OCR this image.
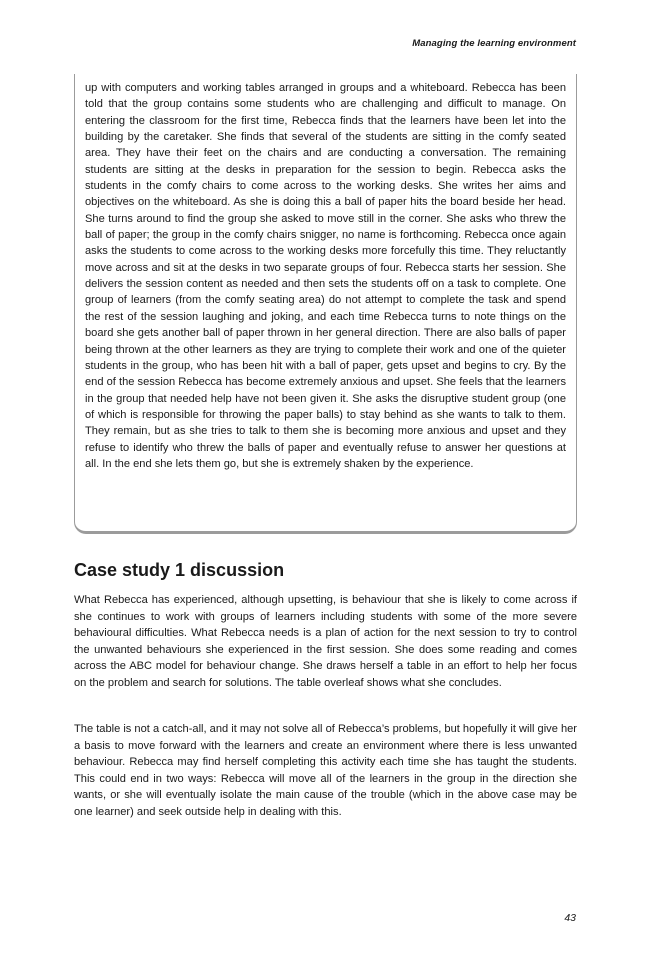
Managing the learning environment

up with computers and working tables arranged in groups and a whiteboard. Rebecca has been told that the group contains some students who are challenging and difficult to manage. On entering the classroom for the first time, Rebecca finds that the learners have been let into the building by the caretaker. She finds that several of the students are sitting in the comfy seated area. They have their feet on the chairs and are conducting a conversation. The remaining students are sitting at the desks in preparation for the session to begin. Rebecca asks the students in the comfy chairs to come across to the working desks. She writes her aims and objectives on the whiteboard. As she is doing this a ball of paper hits the board beside her head. She turns around to find the group she asked to move still in the corner. She asks who threw the ball of paper; the group in the comfy chairs snigger, no name is forthcoming. Rebecca once again asks the students to come across to the working desks more forcefully this time. They reluctantly move across and sit at the desks in two separate groups of four. Rebecca starts her session. She delivers the session content as needed and then sets the students off on a task to complete. One group of learners (from the comfy seating area) do not attempt to complete the task and spend the rest of the session laughing and joking, and each time Rebecca turns to note things on the board she gets another ball of paper thrown in her general direction. There are also balls of paper being thrown at the other learners as they are trying to complete their work and one of the quieter students in the group, who has been hit with a ball of paper, gets upset and begins to cry. By the end of the session Rebecca has become extremely anxious and upset. She feels that the learners in the group that needed help have not been given it. She asks the disruptive student group (one of which is responsible for throwing the paper balls) to stay behind as she wants to talk to them. They remain, but as she tries to talk to them she is becoming more anxious and upset and they refuse to identify who threw the balls of paper and eventually refuse to answer her questions at all. In the end she lets them go, but she is extremely shaken by the experience.

Case study 1 discussion

What Rebecca has experienced, although upsetting, is behaviour that she is likely to come across if she continues to work with groups of learners including students with some of the more severe behavioural difficulties. What Rebecca needs is a plan of action for the next session to try to control the unwanted behaviours she experienced in the first session. She does some reading and comes across the ABC model for behaviour change. She draws herself a table in an effort to help her focus on the problem and search for solutions. The table overleaf shows what she concludes.

The table is not a catch-all, and it may not solve all of Rebecca’s problems, but hopefully it will give her a basis to move forward with the learners and create an environment where there is less unwanted behaviour. Rebecca may find herself completing this activity each time she has taught the students. This could end in two ways: Rebecca will move all of the learners in the group in the direction she wants, or she will eventually isolate the main cause of the trouble (which in the above case may be one learner) and seek outside help in dealing with this.

43
